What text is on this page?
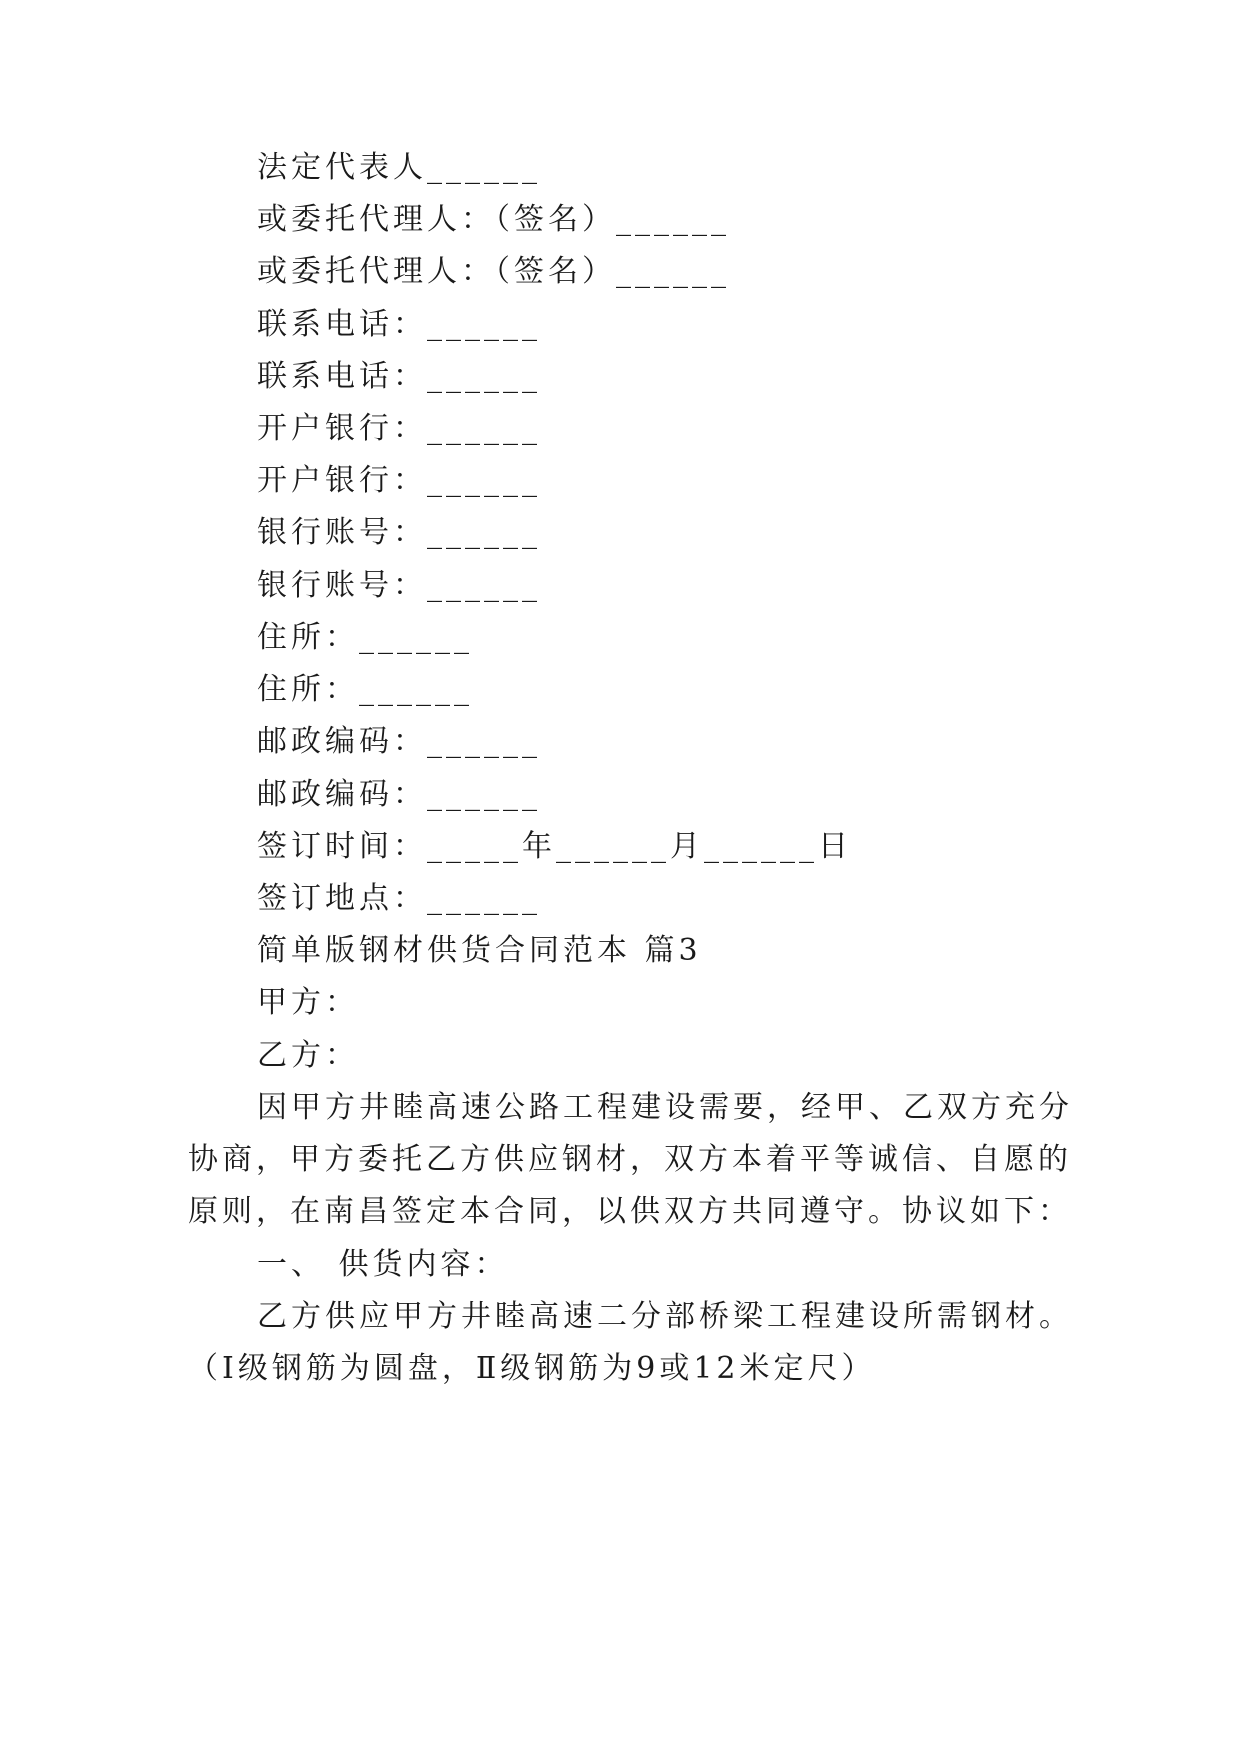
法定代表人______
或委托代理人：（签名）______
或委托代理人：（签名）______
联系电话：______
联系电话：______
开户银行：______
开户银行：______
银行账号：______
银行账号：______
住所：______
住所：______
邮政编码：______
邮政编码：______
签订时间：_____年______月______日
签订地点：______
简单版钢材供货合同范本 篇3
甲方：
乙方：
因甲方井睦高速公路工程建设需要，经甲、乙双方充分
协商，甲方委托乙方供应钢材，双方本着平等诚信、自愿的
原则，在南昌签定本合同，以供双方共同遵守。协议如下：
一、 供货内容：
乙方供应甲方井睦高速二分部桥梁工程建设所需钢材。
（Ⅰ级钢筋为圆盘，Ⅱ级钢筋为9或12米定尺）
